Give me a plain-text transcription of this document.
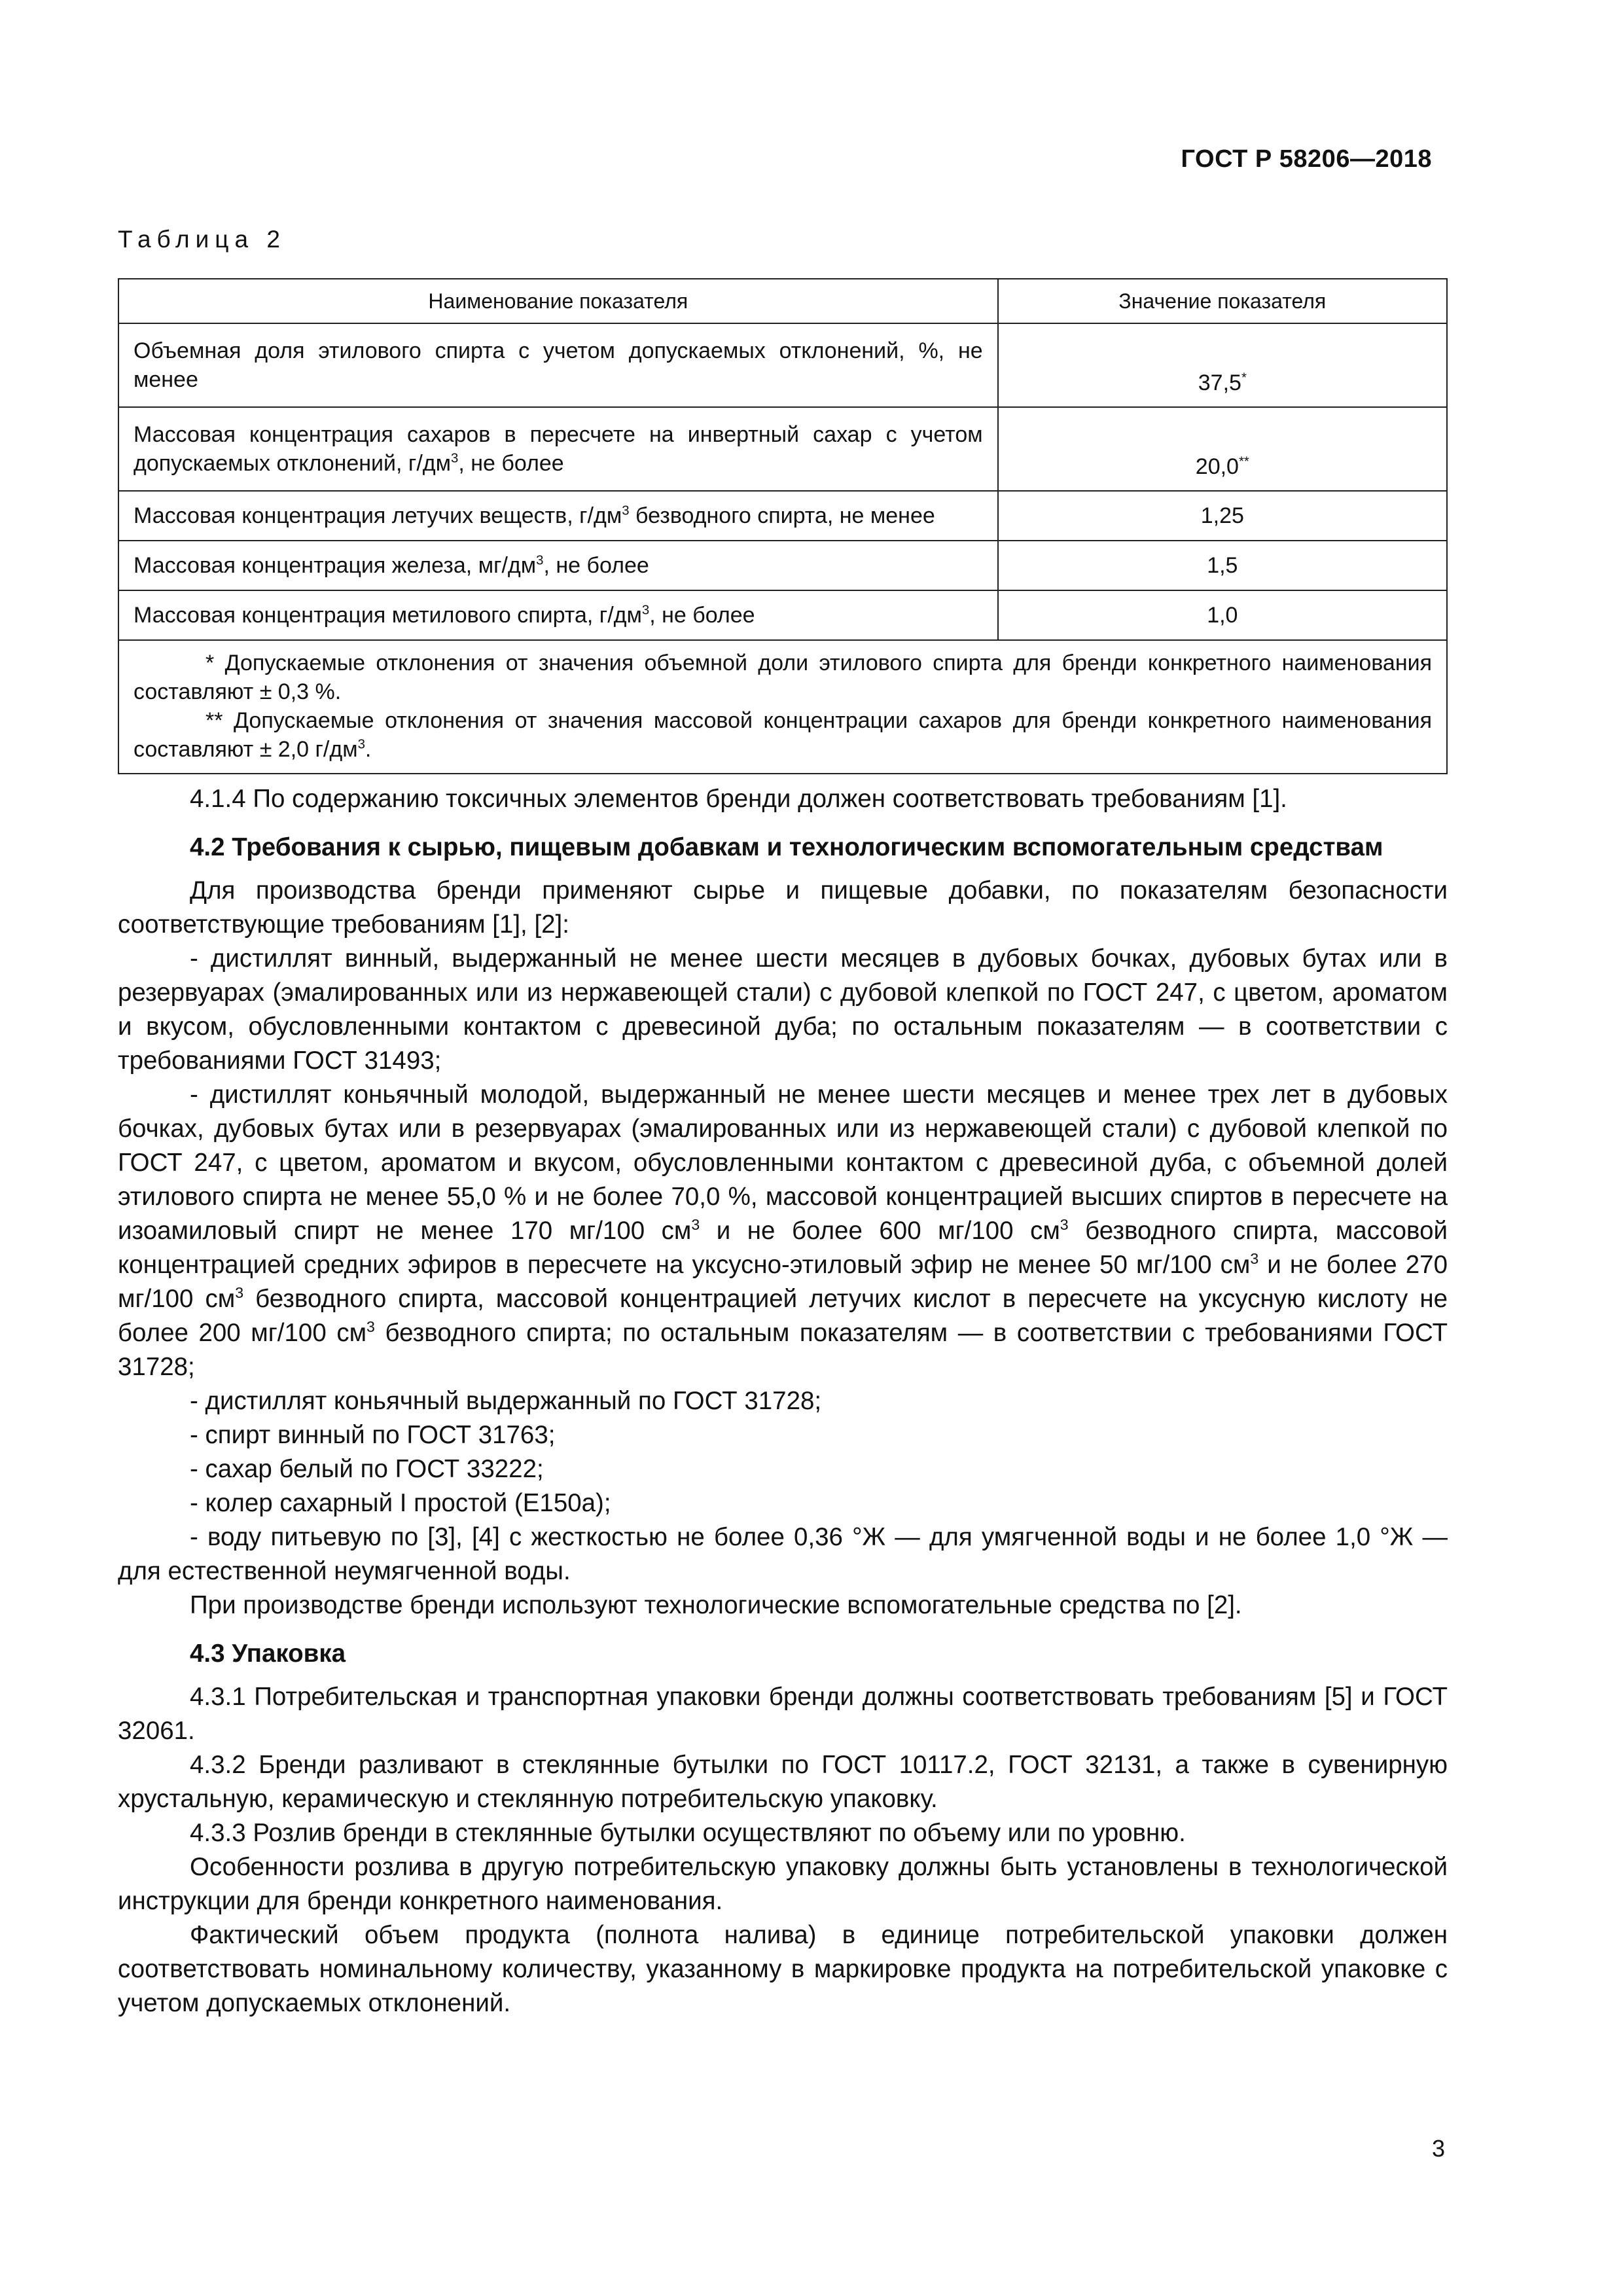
ГОСТ Р 58206—2018
Таблица 2
Наименование показателя	Значение показателя
Объемная доля этилового спирта с учетом допускаемых отклонений, %, не менее	37,5*
Массовая концентрация сахаров в пересчете на инвертный сахар с учетом допускаемых отклонений, $г/дм^3$, не более	20,0**
Массовая концентрация летучих веществ, $г/дм^3$ безводного спирта, не менее	1,25
Массовая концентрация железа, $мг/дм^3$, не более	1,5
Массовая концентрация метилового спирта, $г/дм^3$, не более	1,0

* Допускаемые отклонения от значения объемной доли этилового спирта для бренди конкретного наименования составляют ± 0,3 %.

** Допускаемые отклонения от значения массовой концентрации сахаров для бренди конкретного наименования составляют ± 2,0 $г/дм^3$.	

4.1.4 По содержанию токсичных элементов бренди должен соответствовать требованиям [1].

4.2 Требования к сырью, пищевым добавкам и технологическим вспомогательным средствам

Для производства бренди применяют сырье и пищевые добавки, по показателям безопасности соответствующие требованиям [1], [2]:

- дистиллят винный, выдержанный не менее шести месяцев в дубовых бочках, дубовых бутах или в резервуарах (эмалированных или из нержавеющей стали) с дубовой клепкой по ГОСТ 247, с цветом, ароматом и вкусом, обусловленными контактом с древесиной дуба; по остальным показателям — в соответствии с требованиями ГОСТ 31493;

- дистиллят коньячный молодой, выдержанный не менее шести месяцев и менее трех лет в дубовых бочках, дубовых бутах или в резервуарах (эмалированных или из нержавеющей стали) с дубовой клепкой по ГОСТ 247, с цветом, ароматом и вкусом, обусловленными контактом с древесиной дуба, с объемной долей этилового спирта не менее 55,0 % и не более 70,0 %, массовой концентрацией высших спиртов в пересчете на изоамиловый спирт не менее 170 мг/100 $см^3$ и не более 600 мг/100 $см^3$ безводного спирта, массовой концентрацией средних эфиров в пересчете на уксусно-этиловый эфир не менее 50 мг/100 $см^3$ и не более 270 мг/100 $см^3$ безводного спирта, массовой концентрацией летучих кислот в пересчете на уксусную кислоту не более 200 мг/100 $см^3$ безводного спирта; по остальным показателям — в соответствии с требованиями ГОСТ 31728;

- дистиллят коньячный выдержанный по ГОСТ 31728;

- спирт винный по ГОСТ 31763;

- сахар белый по ГОСТ 33222;

- колер сахарный I простой (Е150а);

- воду питьевую по [3], [4] с жесткостью не более 0,36 °Ж — для умягченной воды и не более 1,0 °Ж — для естественной неумягченной воды.

При производстве бренди используют технологические вспомогательные средства по [2].

4.3 Упаковка

4.3.1 Потребительская и транспортная упаковки бренди должны соответствовать требованиям [5] и ГОСТ 32061.

4.3.2 Бренди разливают в стеклянные бутылки по ГОСТ 10117.2, ГОСТ 32131, а также в сувенирную хрустальную, керамическую и стеклянную потребительскую упаковку.

4.3.3 Розлив бренди в стеклянные бутылки осуществляют по объему или по уровню.

Особенности розлива в другую потребительскую упаковку должны быть установлены в технологической инструкции для бренди конкретного наименования.

Фактический объем продукта (полнота налива) в единице потребительской упаковки должен соответствовать номинальному количеству, указанному в маркировке продукта на потребительской упаковке с учетом допускаемых отклонений.

3
